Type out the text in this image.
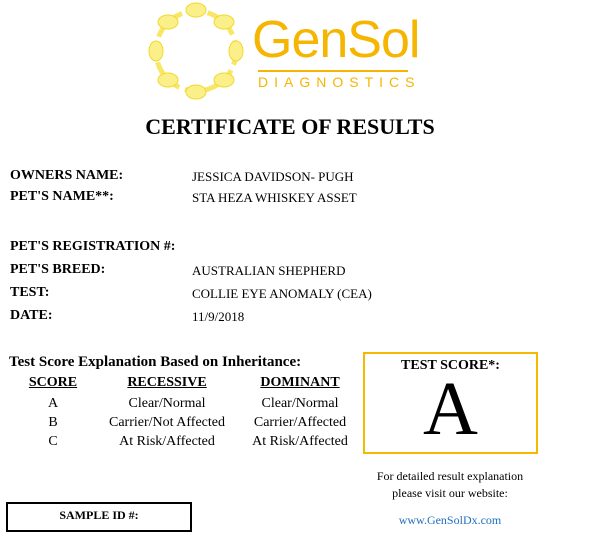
GenSol
DIAGNOSTICS
CERTIFICATE OF RESULTS
OWNERS NAME:	JESSICA DAVIDSON- PUGH
PET'S NAME**:	STA HEZA WHISKEY ASSET
PET'S REGISTRATION #:
PET'S BREED:	AUSTRALIAN SHEPHERD
TEST:	COLLIE EYE ANOMALY (CEA)
DATE:	11/9/2018
Test Score Explanation Based on Inheritance:
SCORE	RECESSIVE	DOMINANT
A	Clear/Normal	Clear/Normal
B	Carrier/Not Affected	Carrier/Affected
C	At Risk/Affected	At Risk/Affected
TEST SCORE*:
A
For detailed result explanation
please visit our website:
www.GenSolDx.com
SAMPLE ID #:
